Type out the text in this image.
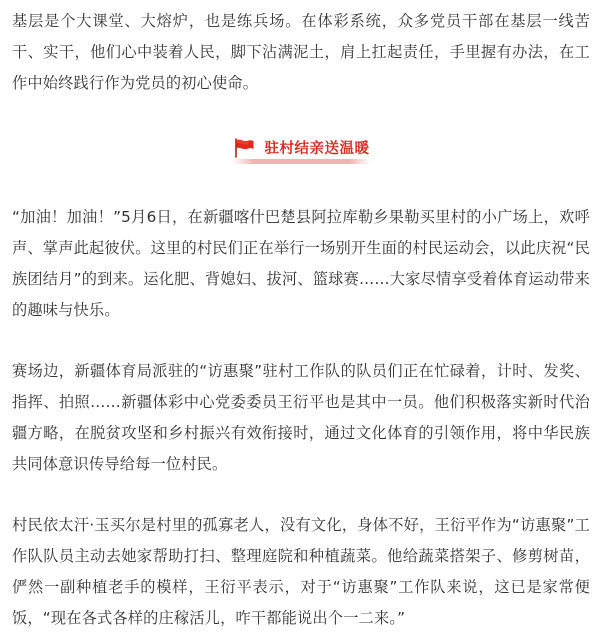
基层是个大课堂、大熔炉，也是练兵场。在体彩系统，众多党员干部在基层一线苦干、实干，他们心中装着人民，脚下沾满泥土，肩上扛起责任，手里握有办法，在工作中始终践行作为党员的初心使命。

驻村结亲送温暖

“加油！加油！”5月6日，在新疆喀什巴楚县阿拉库勒乡果勒买里村的小广场上，欢呼声、掌声此起彼伏。这里的村民们正在举行一场别开生面的村民运动会，以此庆祝“民族团结月”的到来。运化肥、背媳妇、拔河、篮球赛……大家尽情享受着体育运动带来的趣味与快乐。

赛场边，新疆体育局派驻的“访惠聚”驻村工作队的队员们正在忙碌着，计时、发奖、指挥、拍照……新疆体彩中心党委委员王衍平也是其中一员。他们积极落实新时代治疆方略，在脱贫攻坚和乡村振兴有效衔接时，通过文化体育的引领作用，将中华民族共同体意识传导给每一位村民。

村民依太汗·玉买尔是村里的孤寡老人，没有文化，身体不好，王衍平作为“访惠聚”工作队队员主动去她家帮助打扫、整理庭院和种植蔬菜。他给蔬菜搭架子、修剪树苗，俨然一副种植老手的模样，王衍平表示，对于“访惠聚”工作队来说，这已是家常便饭，“现在各式各样的庄稼活儿，咋干都能说出个一二来。”
